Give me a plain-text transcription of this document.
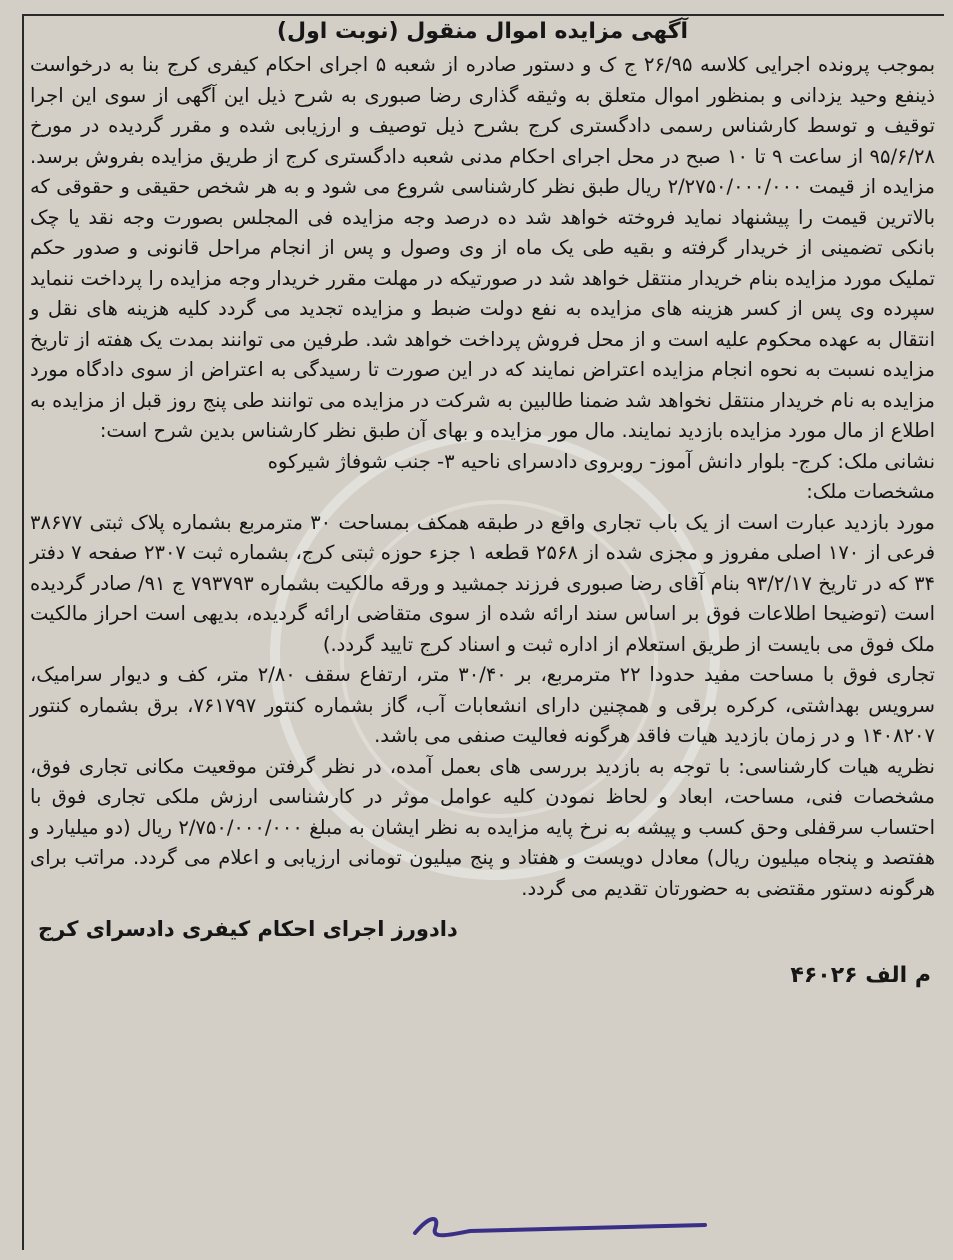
آگهی مزایده اموال منقول (نوبت اول)

بموجب پرونده اجرایی کلاسه ۲۶/۹۵ ج ک و دستور صادره از شعبه ۵ اجرای احکام کیفری کرج بنا به درخواست ذینفع وحید یزدانی و بمنظور اموال متعلق به وثیقه گذاری رضا صبوری به شرح ذیل این آگهی از سوی این اجرا توقیف و توسط کارشناس رسمی دادگستری کرج بشرح ذیل توصیف و ارزیابی شده و مقرر گردیده در مورخ ۹۵/۶/۲۸ از ساعت ۹ تا ۱۰ صبح در محل اجرای احکام مدنی شعبه دادگستری کرج از طریق مزایده بفروش برسد. مزایده از قیمت ۲/۲۷۵۰/۰۰۰/۰۰۰ ریال طبق نظر کارشناسی شروع می شود و به هر شخص حقیقی و حقوقی که بالاترین قیمت را پیشنهاد نماید فروخته خواهد شد ده درصد وجه مزایده فی المجلس بصورت وجه نقد یا چک بانکی تضمینی از خریدار گرفته و بقیه طی یک ماه از وی وصول و پس از انجام مراحل قانونی و صدور حکم تملیک مورد مزایده بنام خریدار منتقل خواهد شد در صورتیکه در مهلت مقرر خریدار وجه مزایده را پرداخت ننماید سپرده وی پس از کسر هزینه های مزایده به نفع دولت ضبط و مزایده تجدید می گردد کلیه هزینه های نقل و انتقال به عهده محکوم علیه است و از محل فروش پرداخت خواهد شد. طرفین می توانند بمدت یک هفته از تاریخ مزایده نسبت به نحوه انجام مزایده اعتراض نمایند که در این صورت تا رسیدگی به اعتراض از سوی دادگاه مورد مزایده به نام خریدار منتقل نخواهد شد ضمنا طالبین به شرکت در مزایده می توانند طی پنج روز قبل از مزایده به اطلاع از مال مورد مزایده بازدید نمایند. مال مور مزایده و بهای آن طبق نظر کارشناس بدین شرح است:

نشانی ملک: کرج- بلوار دانش آموز- روبروی دادسرای ناحیه ۳- جنب شوفاژ شیرکوه

مشخصات ملک:

مورد بازدید عبارت است از یک باب تجاری واقع در طبقه همکف بمساحت ۳۰ مترمربع بشماره پلاک ثبتی ۳۸۶۷۷ فرعی از ۱۷۰ اصلی مفروز و مجزی شده از ۲۵۶۸ قطعه ۱ جزء حوزه ثبتی کرج، بشماره ثبت ۲۳۰۷ صفحه ۷ دفتر ۳۴ که در تاریخ ۹۳/۲/۱۷ بنام آقای رضا صبوری فرزند جمشید و ورقه مالکیت بشماره ۷۹۳۷۹۳ ج ۹۱/ صادر گردیده است (توضیحا اطلاعات فوق بر اساس سند ارائه شده از سوی متقاضی ارائه گردیده، بدیهی است احراز مالکیت ملک فوق می بایست از طریق استعلام از اداره ثبت و اسناد کرج تایید گردد.)

تجاری فوق با مساحت مفید حدودا ۲۲ مترمربع، بر ۳۰/۴۰ متر، ارتفاع سقف ۲/۸۰ متر، کف و دیوار سرامیک، سرویس بهداشتی، کرکره برقی و همچنین دارای انشعابات آب، گاز بشماره کنتور ۷۶۱۷۹۷، برق بشماره کنتور ۱۴۰۸۲۰۷ و در زمان بازدید هیات فاقد هرگونه فعالیت صنفی می باشد.

نظریه هیات کارشناسی: با توجه به بازدید بررسی های بعمل آمده، در نظر گرفتن موقعیت مکانی تجاری فوق، مشخصات فنی، مساحت، ابعاد و لحاظ نمودن کلیه عوامل موثر در کارشناسی ارزش ملکی تجاری فوق با احتساب سرقفلی وحق کسب و پیشه به نرخ پایه مزایده به نظر ایشان به مبلغ ۲/۷۵۰/۰۰۰/۰۰۰ ریال (دو میلیارد و هفتصد و پنجاه میلیون ریال) معادل دویست و هفتاد و پنج میلیون تومانی ارزیابی و اعلام می گردد. مراتب برای هرگونه دستور مقتضی به حضورتان تقدیم می گردد.

دادورز اجرای احکام کیفری دادسرای کرج
م الف ۴۶۰۲۶
